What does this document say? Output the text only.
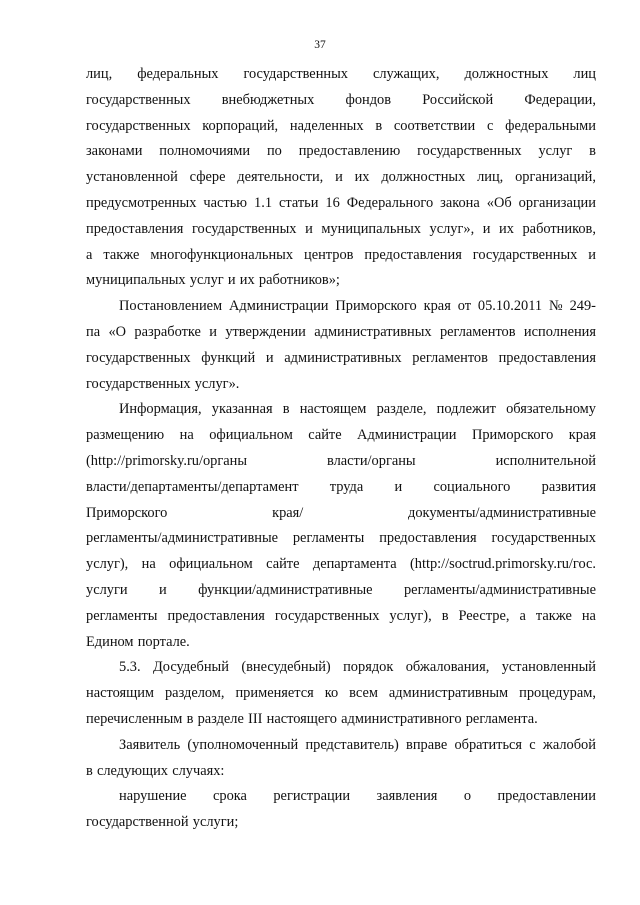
37
лиц, федеральных государственных служащих, должностных лиц
государственных внебюджетных фондов Российской Федерации,
государственных корпораций, наделенных в соответствии с федеральными
законами полномочиями по предоставлению государственных услуг в
установленной сфере деятельности, и их должностных лиц, организаций,
предусмотренных частью 1.1 статьи 16 Федерального закона «Об организации
предоставления государственных и муниципальных услуг», и их работников,
а также многофункциональных центров предоставления государственных и
муниципальных услуг и их работников»;
Постановлением Администрации Приморского края от 05.10.2011 № 249-
па «О разработке и утверждении административных регламентов исполнения
государственных функций и административных регламентов предоставления
государственных услуг».
Информация, указанная в настоящем разделе, подлежит обязательному
размещению на официальном сайте Администрации Приморского края
(http://primorsky.ru/органы	власти/органы	исполнительной
власти/департаменты/департамент труда и социального развития
Приморского	края/	документы/административные
регламенты/административные регламенты предоставления государственных
услуг), на официальном сайте департамента (http://soctrud.primorsky.ru/гос.
услуги и функции/административные регламенты/административные
регламенты предоставления государственных услуг), в Реестре, а также на
Едином портале.
5.3. Досудебный (внесудебный) порядок обжалования, установленный
настоящим разделом, применяется ко всем административным процедурам,
перечисленным в разделе III настоящего административного регламента.
Заявитель (уполномоченный представитель) вправе обратиться с жалобой
в следующих случаях:
нарушение срока регистрации заявления о предоставлении
государственной услуги;
